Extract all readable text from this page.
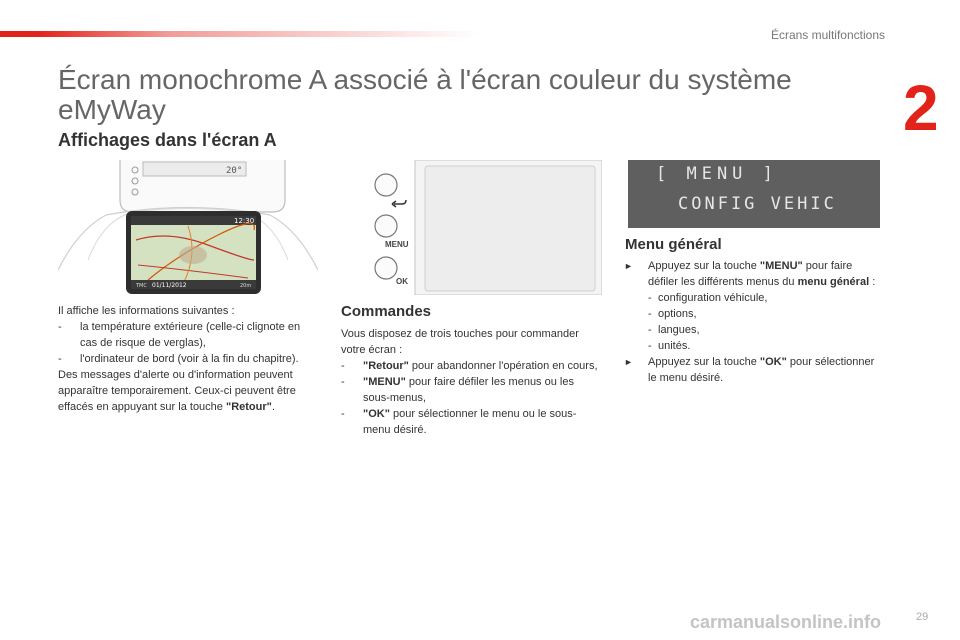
Écrans multifonctions
2
Écran monochrome A associé à l'écran couleur du système eMyWay
Affichages dans l'écran A
20°
12:30
TMC 01/11/2012	20m

Il affiche les informations suivantes :

- la température extérieure (celle-ci clignote en cas de risque de verglas),

- l'ordinateur de bord (voir à la fin du chapitre).

Des messages d'alerte ou d'information peuvent apparaître temporairement. Ceux-ci peuvent être effacés en appuyant sur la touche "Retour".

MENU
OK
Commandes

Vous disposez de trois touches pour commander votre écran :

- "Retour" pour abandonner l'opération en cours,

- "MENU" pour faire défiler les menus ou les sous-menus,

- "OK" pour sélectionner le menu ou le sous-menu désiré.

[ MENU ]
CONFIG VEHIC
Menu général

► Appuyez sur la touche "MENU" pour faire défiler les différents menus du menu général :

- configuration véhicule,

- options,

- langues,

- unités.

► Appuyez sur la touche "OK" pour sélectionner le menu désiré.

carmanualsonline.info	29
